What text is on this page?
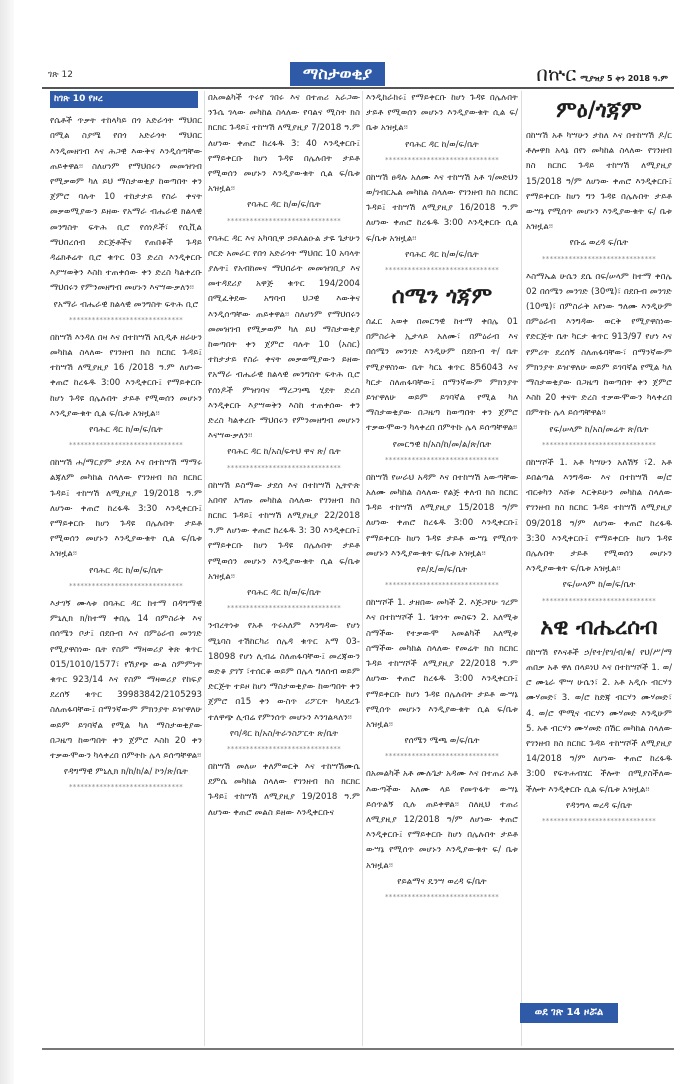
ገጽ 12	ማስታወቂያ	በኵር ሚያዝያ 5 ቀን 2018 ዓ.ም
ከገጽ 10 የዞረ

የሴቶች ጥቃት ተከላካይ በጎ አድራጎት ማህበር በሚል ስያሜ የበጎ አድራጎት ማህበር እንዲመዘገብ እና ሕጋዊ እውቅና እንዲሰጣቸው ጠይቀዋል፡፡ ስለሆነም የማህበሩን መመዝገብ የሚቃወም ካለ ይህ ማስታወቂያ ከወጣበት ቀን ጀምሮ ባሉት 10 ተከታታይ የስራ ቀናት መቃወሚያውን ይዘው የአማራ ብሔራዊ ክልላዊ መንግስት ፍትሕ ቢሮ የሰነዶች፣ የሲቪል ማህበረሰብ ድርጅቶችና የጠበቆች ጉዳይ ዳሬክቶሬት ቢሮ ቁጥር 03 ድረስ እንዲቀርቡ እያሣወቅን እስከ ተጠቀሰው ቀን ድረስ ካልቀረቡ ማህበሩን የምንመዘግብ መሆኑን እናሣውቃለን፡፡

የአማራ ብሔራዊ ክልላዊ መንግስት ፍትሕ ቢሮ

******************************

በከሣሽ እንዳለ በዛ እና በተከሣሽ አቢዲቶ ዘራሁን መካከል ስላለው የገንዘብ ክስ ክርክር ጉዳይ፤ ተከሣሽ ለሚያዚያ 16 /2018 ዓ.ም ለሆነው ቀጠሮ ከረፋዱ 3:00 እንዲቀርቡ፤ የማይቀርቡ ከሆነ ጉዳዩ በሌሉበት ታይቶ የሚወሰን መሆኑን እንዲያውቁት ሲል ፍ/ቤቱ አዝዟል፡፡

የባሕር ዳር ከ/ወ/ፍ/ቤት

******************************

በከሣሽ ሐ/ማርያም ታደለ እና በተከሣሽ ማማሩ ልጃለም መካከል ስላለው የገንዘብ ክስ ክርክር ጉዳይ፤ ተከሣሽ ለሚያዚያ 19/2018 ዓ.ም ለሆነው ቀጠሮ ከረፋዱ 3:30 እንዲቀርቡ፤ የማይቀርቡ ከሆነ ጉዳዩ በሌሉበት ታይቶ የሚወሰን መሆኑን እንዲያውቁት ሲል ፍ/ቤቱ አዝዟል፡፡

የባሕር ዳር ከ/ወ/ፍ/ቤት

******************************

እታገኝ ሙላቱ በባሕር ዳር ከተማ በዳግማዊ ምኒሊክ ክ/ከተማ ቀበሌ 14 በምስራቅ እና በሰሜን ቦታ፤ በደቡብ እና በምዕራብ መንገድ የሚያዋስነው ቤት የስም ማዛወሪያ ቅጽ ቁጥር 015/1010/1577፣ የሽያጭ ውል ስምምነት ቁጥር 923/14 እና የስም ማዛወሪያ የከፍያ ደረሰኝ ቁጥር 39983842/2105293 ስለጠፋባቸው፤ በማንኛውም ምክንያት ይዠዋለሁ ወይም ይገባኛል የሚል ካለ ማስታወቂያው በጋዜጣ ከወጣበት ቀን ጀምሮ እስከ 20 ቀን ተቃውሞውን ካላቀረበ በምትኩ ሌላ ይሰጣቸዋል፡፡

የዳግማዊ ምኒሊክ ክ/ከ/ከ/ል/ ኮን/ጽ/ቤት

******************************

በአመልካች ጥሩየ ገበሩ እና በተጠሪ አራጋው ንጉሴ ገላው መካከል ስላለው የባልና ሚስት ክስ ክርክር ጉዳይ፤ ተከሣሽ ለሚያዚያ 7/2018 ዓ.ም ለሆነው ቀጠሮ ከረፋዱ 3: 40 እንዲቀርቡ፤ የማይቀርቡ ከሆነ ጉዳዩ በሌሉበት ታይቶ የሚወሰን መሆኑን እንዲያውቁት ሲል ፍ/ቤቱ አዝዟል፡፡

የባሕር ዳር ከ/ወ/ፍ/ቤት

******************************

የባሕር ዳር እና አካባቢዋ ኃይለልዑል ታዬ ጌታሁን ቦርድ አመራር የበጎ አድራጎት ማህበር 10 አባላት ያሉት፤ የአብከመና ማህበራት መመዝገቢያ እና መተዳደሪያ አዋጅ ቁጥር 194/2004 በሚፈቅደው አግባብ ህጋዊ እውቅና እንዲሰጣቸው ጠይቀዋል፡፡ ስለሆነም የማህበሩን መመዝገብ የሚቃወም ካለ ይህ ማስታወቂያ ከወጣበት ቀን ጀምሮ ባሉት 10 (አስር) ተከታታይ የስራ ቀናት መቃወሚያውን ይዘው የአማራ ብሔራዊ ክልላዊ መንግስት ፍትሕ ቢሮ የሰነዶች ምዝገባና ማረጋገጫ ሂደት ድረስ እንዲቀርቡ እያሣወቅን እስከ ተጠቀሰው ቀን ድረስ ካልቀረቡ ማህበሩን የምንመዘግብ መሆኑን እናሣውቃለን፡፡

የባሕር ዳር ከ/አስ/ፍትህ ዋና ጽ/ ቤት

******************************

በከሣሽ ይስማው ታደሰ እና በተከሣሽ ኢትዮጵ አበባየ አግጡ መካከል ስላለው የገንዘብ ክስ ክርክር ጉዳይ፤ ተከሣሽ ለሚያዚያ 22/2018 ዓ.ም ለሆነው ቀጠሮ ከረፋዱ 3: 30 እንዲቀርቡ፤ የማይቀርቡ ከሆነ ጉዳዩ በሌሉበት ታይቶ የሚወሰን መሆኑን እንዲያውቁት ሲል ፍ/ቤቱ አዝዟል፡፡

የባሕር ዳር ከ/ወ/ፍ/ቤት

******************************

ንብረትነቱ የአቶ ጥሩአለም እንግዳው የሆነ ሚኒባስ ተሽከርካሪ ሰሌዳ ቁጥር አማ 03-18098 የሆነ ሊብሬ ስለጠፋባቸው፤ መረጃውን ወድቆ ያገኘ ፣ተሰርቆ ወይም በሌላ ግለሰብ ወይም ድርጅት ተይዞ ከሆነ ማስታወቂያው ከወጣበት ቀን ጀምሮ በ15 ቀን ውስጥ ሪፖርት ካላደረጉ ተለዋጭ ሊብሬ የምንሰጥ መሆኑን እንገልጻለን፡፡

የባ/ዳር ከ/አስ/ትራንስፖርት ጽ/ቤት

******************************

በከሣሽ መለሠ ቀለምወርቅ እና ተከሣሽሙሴ ደምሴ መካከል ስላለው የገንዘብ ክስ ክርክር ጉዳይ፤ ተከሣሽ ለሚያዚያ 19/2018 ዓ.ም ለሆነው ቀጠሮ መልስ ይዘው እንዲቀርቡና

እንዲከራከሩ፤ የማይቀርቡ ከሆነ ጉዳዩ በሌሉበት ታይቶ የሚወሰን መሆኑን እንዲያውቁት ሲል ፍ/ቤቱ አዝዟል፡፡

የባሕር ዳር ከ/ወ/ፍ/ቤት

******************************

በከሣሽ ፀዳሉ አለሙ እና ተከሣሽ አቶ ገ/መድህን ወ/ገብርኤል መካከል ስላለው የገንዘብ ክስ ክርክር ጉዳይ፤ ተከሣሽ ለሚያዚያ 16/2018 ዓ.ም ለሆነው ቀጠሮ ከረፋዱ 3:00 እንዲቀርቡ ሲል ፍ/ቤቱ አዝዟል፡፡

የባሕር ዳር ከ/ወ/ፍ/ቤት

******************************
ሰሜን ጎጃም

ሰፈር አወቀ በመርዓዊ ከተማ ቀበሌ 01 በምስራቅ ኢታላይ አለሙ፣ በምዕራብ እና በሰሜን መንገድ እንዲሁም በደቡብ ት/ ቤት የሚያዋስነው ቤት ካርኒ ቁጥር 856043 እና ካርታ ስለጠፋባቸው፤ በማንኛውም ምክንያት ይዠዋለሁ ወይም ይገባኛል የሚል ካለ ማስታወቂያው በጋዜጣ ከወጣበት ቀን ጀምሮ ተቃውሞውን ካላቀረበ በምትኩ ሌላ ይሰጣቸዋል፡፡

የመርዓዊ ከ/አስ/ከ/መ/ል/ጽ/ቤት

******************************

በከሣሽ የሠራህ አዳም እና በተከሣሽ አውጣቸው አለሙ መካከል ስላለው የልጅ ቀለብ ክስ ክርክር ጉዳይ ተከሣሽ ለሚያዚያ 15/2018 ዓ/ም ለሆነው ቀጠሮ ከረፋዱ 3:00 እንዲቀርቡ፤ የማይቀርቡ ከሆነ ጉዳዩ ታይቶ ውሣኔ የሚሰጥ መሆኑን እንዲያውቁት ፍ/ቤቱ አዝዟል፡፡

የይ/ዴ/ወ/ፍ/ቤት

******************************

በከሣሾች 1. ታዘበው መካች 2. እጅጋየሁ ገረም እና በተከሣሾች 1. ጌትነት መስፍን 2. አለሚቱ ስማችው የተቃውሞ አመልካች አለሚቱ ስማችው መካከል ስላለው የመሬት ክስ ክርክር ጉዳይ ተከሣሾች ለሚያዚያ 22/2018 ዓ.ም ለሆነው ቀጠሮ ከረፋዱ 3:00 እንዲቀርቡ፤ የማይቀርቡ ከሆነ ጉዳዩ በሌሉበት ታይቶ ውሣኔ የሚሰጥ መሆኑን እንዲያውቁት ሲል ፍ/ቤቱ አዝዟል፡፡

የሰሜን ሜጫ ወ/ፍ/ቤት

******************************

በአመልካች አቶ ሙሉጌታ አዳሙ እና በተጠሪ አቶ እውጣችው አለሙ ላይ የመጥፋት ውሣኔ ይሰጥልኝ ሲሉ ጠይቀዋል፡፡ ስለዚህ ተጠሪ ለሚያዚያ 12/2018 ዓ/ም ለሆነው ቀጠሮ እንዲቀርቡ፤ የማይቀርቡ ከሆነ በሌሉበት ታይቶ ውሣኔ የሚሰጥ መሆኑን እንዲያውቁት ፍ/ ቤቱ አዝዟል፡፡

የይልማና ዴንሣ ወረዳ ፍ/ቤት

******************************
ምዕ/ጎጃም

በከሣሽ አቶ ካሣሁን ታከለ እና በተከሣሽ ዶ/ር ቶሎዋክ አላኔ በየነ መካከል ስላለው የገንዘብ ክስ ክርክር ጉዳይ ተከሣሽ ለሚያዚያ 15/2018 ዓ/ም ለሆነው ቀጠሮ እንዲቀርቡ፤ የማይቀርቡ ከሆነ ግን ጉዳዩ በሌሉበት ታይቶ ውሣኔ የሚሰጥ መሆኑን እንዲያውቁት ፍ/ ቤቱ አዝዟል፡፡

የቡሬ ወረዳ ፍ/ቤት

******************************

እስማኤል ሁሴን ደሴ በፍ/ሠላም ከተማ ቀበሌ 02 በሰሜን መንገድ (30ሜ)፣ በደቡብ መንገድ (10ሜ)፣ በምስራቅ አየነው ዓለሙ እንዲሁም በምዕራብ እንግዳው ወርቅ የሚያዋስነው የድርጅት ቤት ካርታ ቁጥር 913/97 የሆነ እና የምሪት ደረሰኝ ስለጠፋባቸው፣ በማንኛውም ምክንያት ይዠዋለሁ ወይም ይገባኛል የሚል ካለ ማስታወቂያው በጋዜጣ ከወጣበት ቀን ጀምሮ እስከ 20 ቀናት ድረስ ተቃውሞውን ካላቀረበ በምትኩ ሌላ ይሰጣቸዋል፡፡

የፍ/ሠላም ከ/አስ/መሬት ጽ/ቤት

******************************

በከሣሾች 1. አቶ ካሣሁን አለሽኝ ፣2. አቶ ይበልጣል እንግዳው እና በተከሣሽ ወ/ሮ ብርቱካን እሸቱ እርቅይሁን መካከል ስላለው የገንዘብ ክስ ክርክር ጉዳይ ተከሣሽ ለሚያዚያ 09/2018 ዓ/ም ለሆነው ቀጠሮ ከረፋዱ 3:30 እንዲቀርቡ፤ የማይቀርቡ ከሆነ ጉዳዩ በሌሉበት ታይቶ የሚወሰን መሆኑን እንዲያውቁት ፍ/ቤቱ አዝዟል፡፡

የፍ/ሠላም ከ/ወ/ፍ/ቤት

******************************
አዊ ብሔረሰብ

በከሣሽ የእናቶች ኃ/የተ/የገ/ብ/ቁ/ የህ/ሥ/ማ ጠበቃ አቶ ዋለ በላይነህ እና በተከሣሾች 1. ወ/ሮ ሙኒራ ሞሣ ሁሴን፣ 2. አቶ አዲሱ ብርሃን ሙሃመድ፣ 3. ወ/ሮ ከድጃ ብርሃን ሙሃመድ፣ 4. ወ/ሮ ሞሚና ብርሃን ሙሃመድ እንዲሁም 5. አቶ ብርሃን ሙሃመድ በሽር መካከል ስላለው የገንዘብ ክስ ክርክር ጉዳይ ተከሣሾች ለሚያዚያ 14/2018 ዓ/ም ለሆነው ቀጠሮ ከረፋዱ 3:00 የፍትሐብሄር ችሎት በሚያስችለው ችሎት እንዲቀርቡ ሲል ፍ/ቤቱ አዝዟል፡፡

የዳንግላ ወረዳ ፍ/ቤት

******************************
ወደ ገጽ 14 ዞሯል
